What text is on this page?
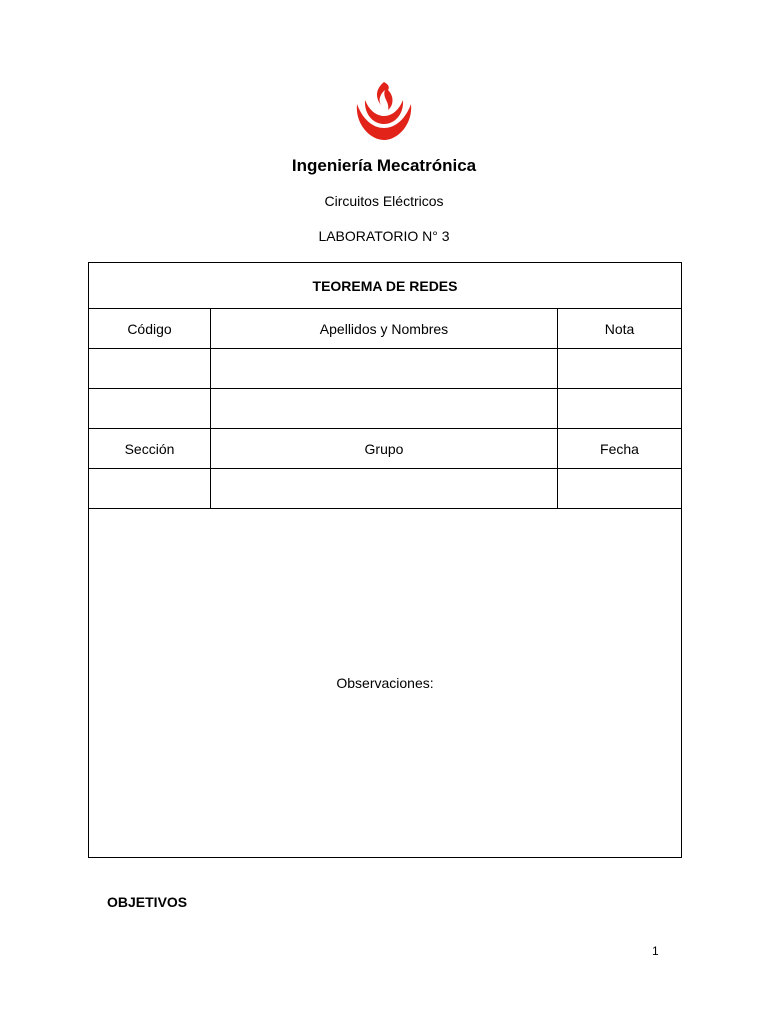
Ingeniería Mecatrónica
Circuitos Eléctricos
LABORATORIO N° 3
TEOREMA DE REDES		
Código	Apellidos y Nombres	Nota

Sección	Grupo	Fecha

Observaciones:		
OBJETIVOS
1
